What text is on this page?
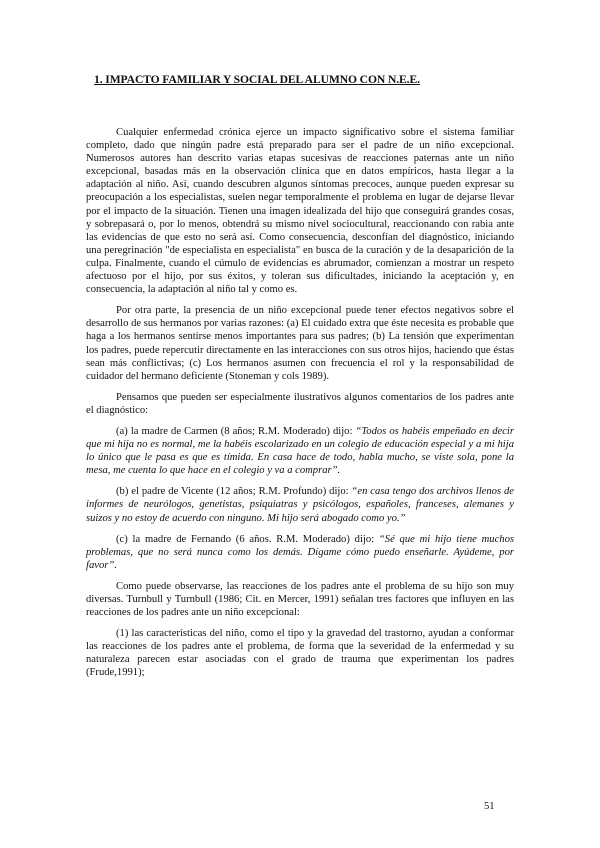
1. IMPACTO FAMILIAR Y SOCIAL DEL ALUMNO CON N.E.E.

Cualquier enfermedad crónica ejerce un impacto significativo sobre el sistema familiar completo, dado que ningún padre está preparado para ser el padre de un niño excepcional. Numerosos autores han descrito varias etapas sucesivas de reacciones paternas ante un niño excepcional, basadas más en la observación clínica que en datos empíricos, hasta llegar a la adaptación al niño. Así, cuando descubren algunos síntomas precoces, aunque pueden expresar su preocupación a los especialistas, suelen negar temporalmente el problema en lugar de dejarse llevar por el impacto de la situación. Tienen una imagen idealizada del hijo que conseguirá grandes cosas, y sobrepasará o, por lo menos, obtendrá su mismo nivel sociocultural, reaccionando con rabia ante las evidencias de que esto no será así. Como consecuencia, desconfían del diagnóstico, iniciando una peregrinación "de especialista en especialista" en busca de la curación y de la desaparición de la culpa. Finalmente, cuando el cúmulo de evidencias es abrumador, comienzan a mostrar un respeto afectuoso por el hijo, por sus éxitos, y toleran sus dificultades, iniciando la aceptación y, en consecuencia, la adaptación al niño tal y como es.

Por otra parte, la presencia de un niño excepcional puede tener efectos negativos sobre el desarrollo de sus hermanos por varias razones: (a) El cuidado extra que éste necesita es probable que haga a los hermanos sentirse menos importantes para sus padres; (b) La tensión que experimentan los padres, puede repercutir directamente en las interacciones con sus otros hijos, haciendo que éstas sean más conflictivas; (c) Los hermanos asumen con frecuencia el rol y la responsabilidad de cuidador del hermano deficiente (Stoneman y cols 1989).

Pensamos que pueden ser especialmente ilustrativos algunos comentarios de los padres ante el diagnóstico:

(a) la madre de Carmen (8 años; R.M. Moderado) dijo: “Todos os habéis empeñado en decir que mi hija no es normal, me la habéis escolarizado en un colegio de educación especial y a mi hija lo único que le pasa es que es tímida. En casa hace de todo, habla mucho, se viste sola, pone la mesa, me cuenta lo que hace en el colegio y va a comprar”.

(b) el padre de Vicente (12 años; R.M. Profundo) dijo: “en casa tengo dos archivos llenos de informes de neurólogos, genetistas, psiquiatras y psicólogos, españoles, franceses, alemanes y suizos y no estoy de acuerdo con ninguno. Mi hijo será abogado como yo.”

(c) la madre de Fernando (6 años. R.M. Moderado) dijo: “Sé que mi hijo tiene muchos problemas, que no será nunca como los demás. Dígame cómo puedo enseñarle. Ayúdeme, por favor”.

Como puede observarse, las reacciones de los padres ante el problema de su hijo son muy diversas. Turnbull y Turnbull (1986; Cit. en Mercer, 1991) señalan tres factores que influyen en las reacciones de los padres ante un niño excepcional:

(1) las características del niño, como el tipo y la gravedad del trastorno, ayudan a conformar las reacciones de los padres ante el problema, de forma que la severidad de la enfermedad y su naturaleza parecen estar asociadas con el grado de trauma que experimentan los padres (Frude,1991);

51
